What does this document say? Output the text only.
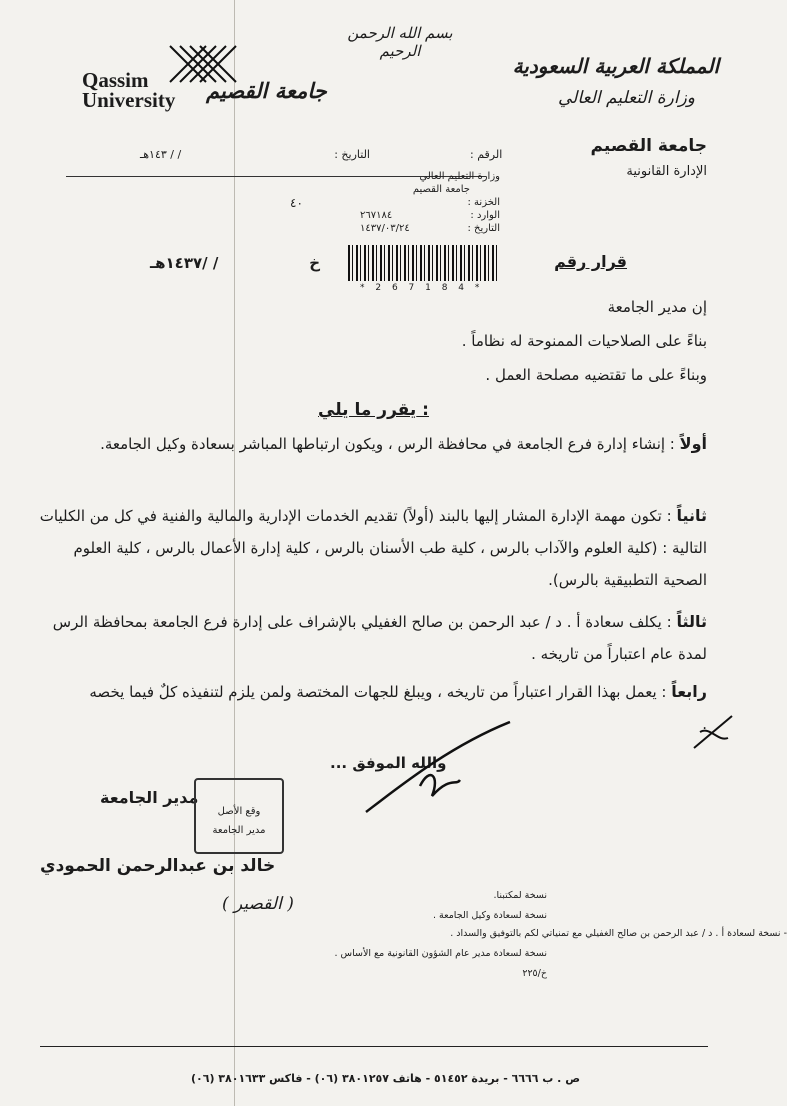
بسم الله الرحمن الرحيم
Qassim
University جامعة القصيم
المملكة العربية السعودية
وزارة التعليم العالي
جامعة القصيم
الإدارة القانونية
الرقم :
التاريخ :
/ / ١٤٣هـ
وزارة التعليم العالي
جامعة القصيم
الخزنة :
الوارد :
٢٦٧١٨٤
التاريخ :
١٤٣٧/٠٣/٢٤
٤٠
* 2 6 7 1 8 4 *
قرار رقم
خ
/ /١٤٣٧هـ
إن مدير الجامعة
بناءً على الصلاحيات الممنوحة له نظاماً .
وبناءً على ما تقتضيه مصلحة العمل .
يقرر ما يلي :
أولاً : إنشاء إدارة فرع الجامعة في محافظة الرس ، ويكون ارتباطها المباشر بسعادة وكيل الجامعة.
ثانياً : تكون مهمة الإدارة المشار إليها بالبند (أولاً) تقديم الخدمات الإدارية والمالية والفنية في كل من الكليات التالية : (كلية العلوم والآداب بالرس ، كلية طب الأسنان بالرس ، كلية إدارة الأعمال بالرس ، كلية العلوم الصحية التطبيقية بالرس).
ثالثاً : يكلف سعادة أ . د / عبد الرحمن بن صالح الغفيلي بالإشراف على إدارة فرع الجامعة بمحافظة الرس لمدة عام اعتباراً من تاريخه .
رابعاً : يعمل بهذا القرار اعتباراً من تاريخه ، ويبلغ للجهات المختصة ولمن يلزم لتنفيذه كلٌ فيما يخصه .
والله الموفق ...
مدير الجامعة
وقع الأصل
مدير الجامعة
خالد بن عبدالرحمن الحمودي
( القصير )	نسخة لمكتبنا.
نسخة لسعادة وكيل الجامعة .
- نسخة لسعادة أ . د / عبد الرحمن بن صالح الغفيلي مع تمنياتي لكم بالتوفيق والسداد .
نسخة لسعادة مدير عام الشؤون القانونية مع الأساس .
خ/٢٢٥
ص . ب ٦٦٦٦ - بريدة ٥١٤٥٢ - هاتف ٣٨٠١٢٥٧ (٠٦) - فاكس ٣٨٠١٦٣٣ (٠٦)
